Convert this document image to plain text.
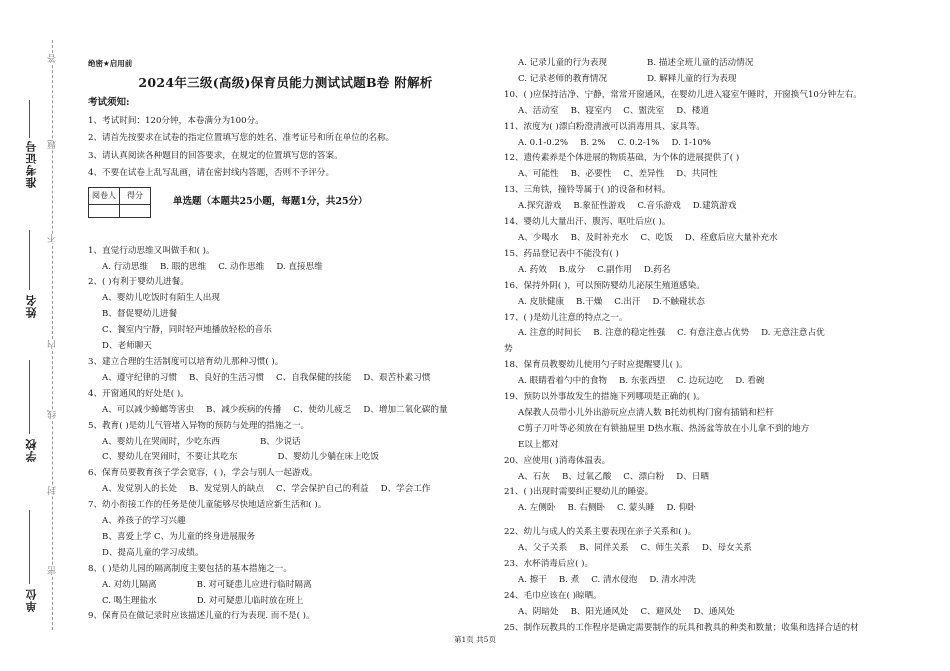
准考证号
姓名
学校
单位
答
题
不
内
线
封
密
绝密★启用前
2024年三级(高级)保育员能力测试试题B卷 附解析
考试须知:
1、考试时间：120分钟，本卷满分为100分。
2、请首先按要求在试卷的指定位置填写您的姓名、准考证号和所在单位的名称。
3、请认真阅读各种题目的回答要求，在规定的位置填写您的答案。
4、不要在试卷上乱写乱画，请在密封线内答题，否则不予评分。
阅卷人	得分

单选题（本题共25小题，每题1分，共25分）
1、直觉行动思维又叫做手和( )。
A. 行动思维 B. 眼的思维 C. 动作思维 D. 直接思维
2、( )有利于婴幼儿进餐。
A、婴幼儿吃饭时有陌生人出现
B、督促婴幼儿进餐
C、餐室内宁静，同时轻声地播放轻松的音乐
D、老师聊天
3、建立合理的生活制度可以培育幼儿那种习惯( )。
A、遵守纪律的习惯 B、良好的生活习惯 C、自我保健的技能 D、艰苦朴素习惯
4、开窗通风的好处是( )。
A、可以减少蟑螂等害虫 B、减少疾病的传播 C、使幼儿疲乏 D、增加二氧化碳的量
5、教育( )是幼儿气管堵入异物的预防与处理的措施之一。
A、婴幼儿在哭闹时，少吃东西	B、少说话
C、婴幼儿在哭闹时，不要让其吃东	D、婴幼儿少躺在床上吃饭
6、保育员要教育孩子学会宽容，( )，学会与别人一起游戏。
A、发觉别人的长处 B、发觉别人的缺点 C、学会保护自己的利益 D、学会工作
7、幼小衔接工作的任务是使儿童能够尽快地适应新生活和( )。
A、养孩子的学习兴趣
B、喜爱上学 C、为儿童的终身进展服务
D、提高儿童的学习成绩。
8、( )是幼儿园的隔离制度主要包括的基本措施之一。
A. 对幼儿隔离	B. 对可疑患儿应进行临时隔离
C. 喝生理盐水	D. 对可疑患儿临时放在班上
9、保育员在做记录时应该描述儿童的行为表现. 而不是( )。
A. 记录儿童的行为表现	B. 描述全班儿童的活动情况
C. 记录老师的教育情况	D. 解释儿童的行为表现
10、( )应保持洁净、宁静，常常开窗通风，在婴幼儿进入寝室午睡时，开窗换气10分钟左右。
A、活动室 B、寝室内 C、盥洗室 D、楼道
11、浓度为( )漂白粉澄清液可以消毒用具、家具等。
A. 0.1-0.2% B. 2% C. 0.2-1% D. 1-10%
12、遗传素养是个体进展的物质基础，为个体的进展提供了( )
A、可能性 B、必要性 C、差异性 D、共同性
13、三角铁，撞铃等属于( )的设备和材料。
A.探究游戏 B.象征性游戏 C.音乐游戏 D.建筑游戏
14、婴幼儿大量出汗、腹泻、呕吐后应( )。
A、少喝水 B、及时补充水 C、吃饭 D、痊愈后应大量补充水
15、药品登记表中不能没有( )
A. 药效 B.成分 C.副作用 D.药名
16、保持外阴( )，可以预防婴幼儿泌尿生殖道感染。
A. 皮肤健康 B.干燥 C.出汗 D.不触碰状态
17、( )是幼儿注意的特点之一。
A. 注意的时间长 B. 注意的稳定性强 C. 有意注意占优势 D. 无意注意占优
势
18、保育员教婴幼儿使用勺子时应提醒婴儿( )。
A. 眼睛看着勺中的食物 B. 东张西望 C. 边玩边吃 D. 看碗
19、预防以外事故发生的措施下列哪项是正确的( )。
A保教人员带小儿外出游玩应点清人数 B托幼机构门窗有插销和栏杆
C剪子刀叶等必须放在有锁抽屉里 D热水瓶、热汤盆等放在小儿拿不到的地方
E以上都对
20、应使用( )消毒体温表。
A、石灰 B、过氧乙酸 C、漂白粉 D、日晒
21、( )出现时需要纠正婴幼儿的睡姿。
A. 左侧卧 B. 右侧卧 C. 蒙头睡 D. 仰卧
22、幼儿与成人的关系主要表现在亲子关系和( )。
A、父子关系 B、同伴关系 C、师生关系 D、母女关系
23、水杯消毒后应( )。
A. 擦干 B. 煮 C. 清水侵泡 D. 清水冲洗
24、毛巾应该在( )晾晒。
A、阴暗处 B、阳光通风处 C、避风处 D、通风处
25、制作玩教具的工作程序是确定需要制作的玩具和教具的种类和数量；收集和选择合适的材
第1页 共5页
